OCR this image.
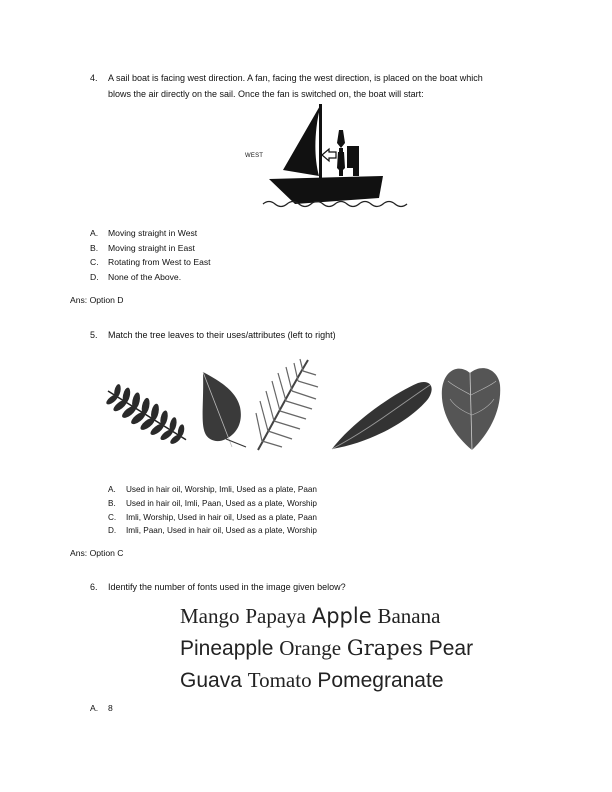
4. A sail boat is facing west direction. A fan, facing the west direction, is placed on the boat which
blows the air directly on the sail. Once the fan is switched on, the boat will start:
WEST
A. Moving straight in West
B. Moving straight in East
C. Rotating from West to East
D. None of the Above.
Ans: Option D
5. Match the tree leaves to their uses/attributes (left to right)
A. Used in hair oil, Worship, Imli, Used as a plate, Paan
B. Used in hair oil, Imli, Paan, Used as a plate, Worship
C. Imli, Worship, Used in hair oil, Used as a plate, Paan
D. Imli, Paan, Used in hair oil, Used as a plate, Worship
Ans: Option C
6. Identify the number of fonts used in the image given below?
Mango Papaya Apple Banana
Pineapple Orange Grapes Pear
Guava Tomato Pomegranate
A. 8
